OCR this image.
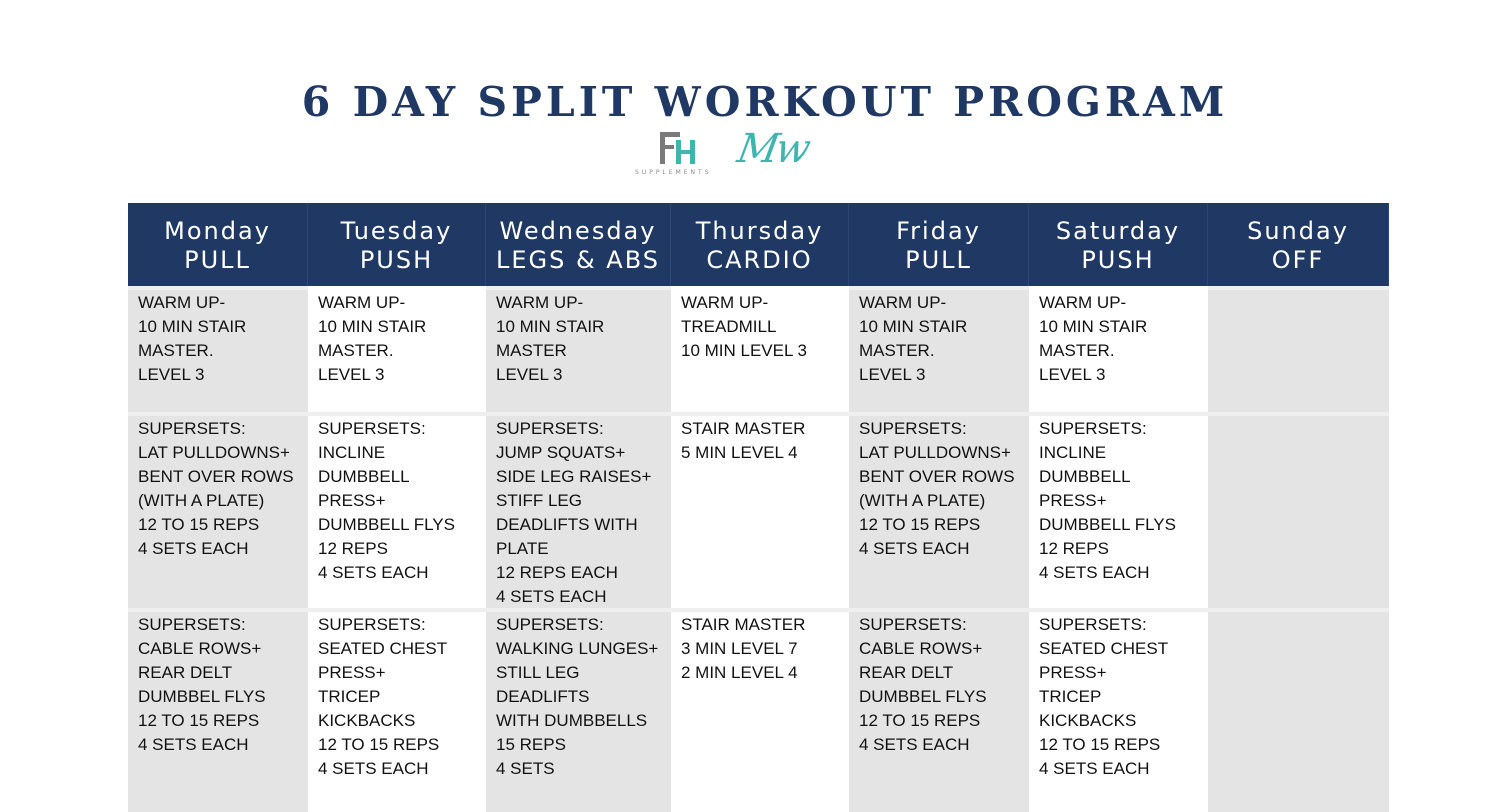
6 DAY SPLIT WORKOUT PROGRAM
SUPPLEMENTS
Mw
Monday
PULL
Tuesday
PUSH
Wednesday
LEGS & ABS
Thursday
CARDIO
Friday
PULL
Saturday
PUSH
Sunday
OFF
WARM UP-
10 MIN STAIR
MASTER.
LEVEL 3
WARM UP-
10 MIN STAIR
MASTER.
LEVEL 3
WARM UP-
10 MIN STAIR
MASTER
LEVEL 3
WARM UP-
TREADMILL
10 MIN LEVEL 3
WARM UP-
10 MIN STAIR
MASTER.
LEVEL 3
WARM UP-
10 MIN STAIR
MASTER.
LEVEL 3
SUPERSETS:
LAT PULLDOWNS+
BENT OVER ROWS
(WITH A PLATE)
12 TO 15 REPS
4 SETS EACH
SUPERSETS:
INCLINE DUMBBELL
PRESS+
DUMBBELL FLYS
12 REPS
4 SETS EACH
SUPERSETS:
JUMP SQUATS+
SIDE LEG RAISES+
STIFF LEG
DEADLIFTS WITH
PLATE
12 REPS EACH
4 SETS EACH
STAIR MASTER
5 MIN LEVEL 4
SUPERSETS:
LAT PULLDOWNS+
BENT OVER ROWS
(WITH A PLATE)
12 TO 15 REPS
4 SETS EACH
SUPERSETS:
INCLINE DUMBBELL
PRESS+
DUMBBELL FLYS
12 REPS
4 SETS EACH
SUPERSETS:
CABLE ROWS+
REAR DELT
DUMBBEL FLYS
12 TO 15 REPS
4 SETS EACH
SUPERSETS:
SEATED CHEST
PRESS+
TRICEP KICKBACKS
12 TO 15 REPS
4 SETS EACH
SUPERSETS:
WALKING LUNGES+
STILL LEG DEADLIFTS
WITH DUMBBELLS
15 REPS
4 SETS
STAIR MASTER
3 MIN LEVEL 7
2 MIN LEVEL 4
SUPERSETS:
CABLE ROWS+
REAR DELT
DUMBBEL FLYS
12 TO 15 REPS
4 SETS EACH
SUPERSETS:
SEATED CHEST
PRESS+
TRICEP KICKBACKS
12 TO 15 REPS
4 SETS EACH
